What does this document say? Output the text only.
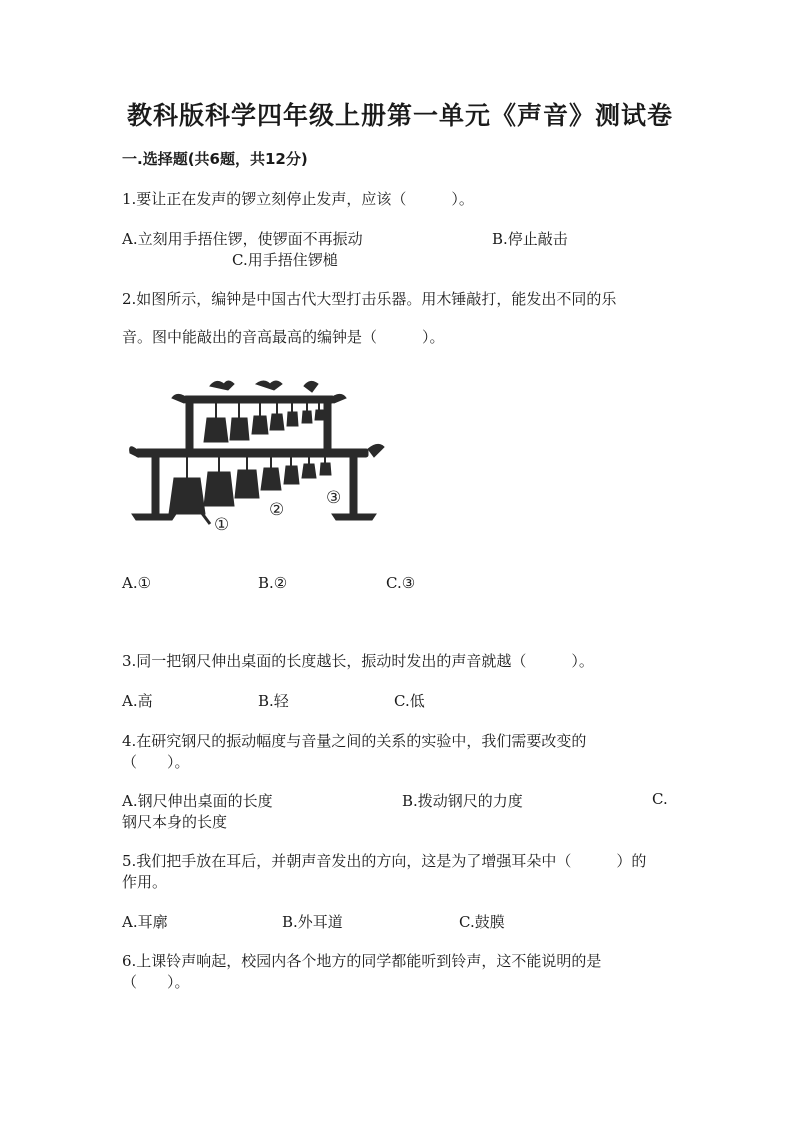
教科版科学四年级上册第一单元《声音》测试卷
一.选择题(共6题，共12分)
1.要让正在发声的锣立刻停止发声，应该（　　　）。
A.立刻用手捂住锣，使锣面不再振动	B.停止敲击
C.用手捂住锣槌
2.如图所示，编钟是中国古代大型打击乐器。用木锤敲打，能发出不同的乐
音。图中能敲出的音高最高的编钟是（　　　）。
①
②
③
A.①	B.②	C.③
3.同一把钢尺伸出桌面的长度越长，振动时发出的声音就越（　　　）。
A.高	B.轻	C.低
4.在研究钢尺的振动幅度与音量之间的关系的实验中，我们需要改变的
（　　）。
A.钢尺伸出桌面的长度	B.拨动钢尺的力度	C.
钢尺本身的长度
5.我们把手放在耳后，并朝声音发出的方向，这是为了增强耳朵中（　　　）的
作用。
A.耳廓	B.外耳道	C.鼓膜
6.上课铃声响起，校园内各个地方的同学都能听到铃声，这不能说明的是
（　　）。
